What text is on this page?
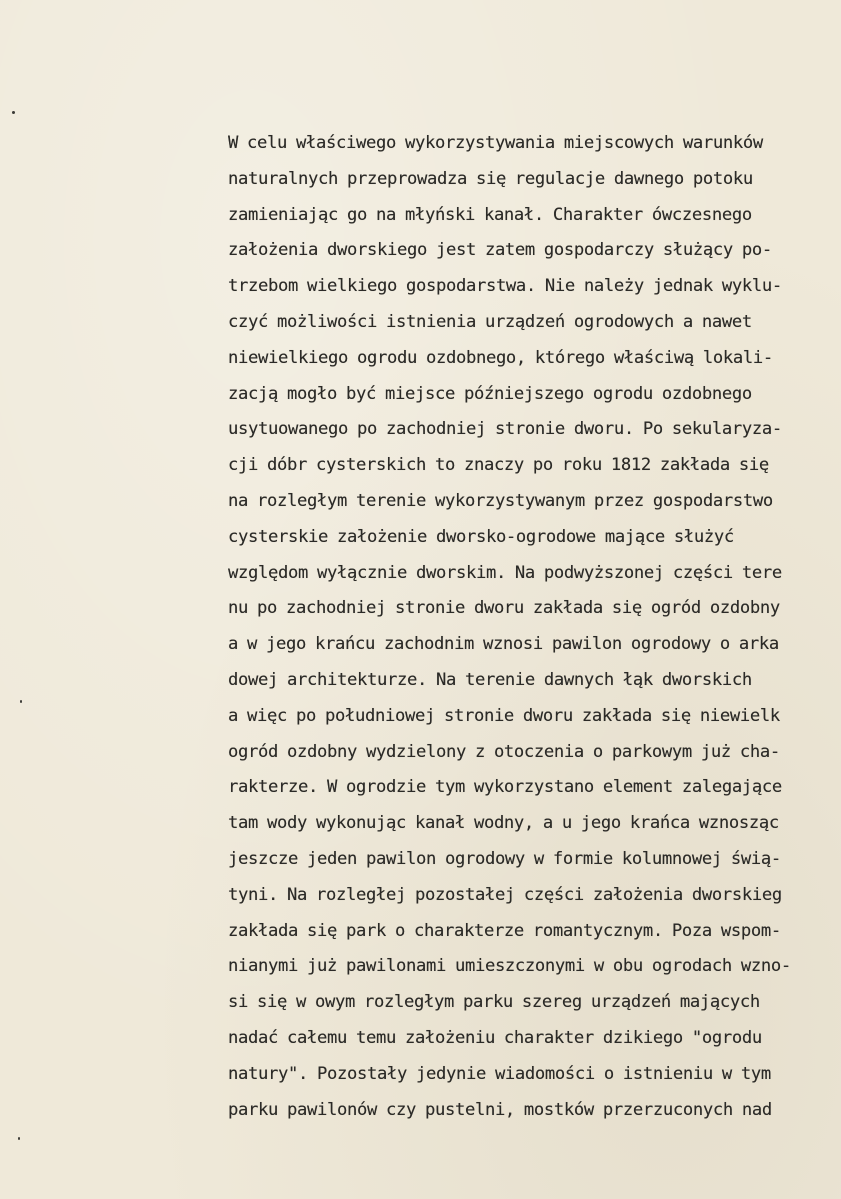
W celu właściwego wykorzystywania miejscowych warunków
naturalnych przeprowadza się regulacje dawnego potoku
zamieniając go na młyński kanał. Charakter ówczesnego
założenia dworskiego jest zatem gospodarczy służący po-
trzebom wielkiego gospodarstwa. Nie należy jednak wyklu-
czyć możliwości istnienia urządzeń ogrodowych a nawet
niewielkiego ogrodu ozdobnego, którego właściwą lokali-
zacją mogło być miejsce późniejszego ogrodu ozdobnego
usytuowanego po zachodniej stronie dworu. Po sekularyza-
cji dóbr cysterskich to znaczy po roku 1812 zakłada się
na rozległym terenie wykorzystywanym przez gospodarstwo
cysterskie założenie dworsko-ogrodowe mające służyć
względom wyłącznie dworskim. Na podwyższonej części tere
nu po zachodniej stronie dworu zakłada się ogród ozdobny
a w jego krańcu zachodnim wznosi pawilon ogrodowy o arka
dowej architekturze. Na terenie dawnych łąk dworskich
a więc po południowej stronie dworu zakłada się niewielk
ogród ozdobny wydzielony z otoczenia o parkowym już cha-
rakterze. W ogrodzie tym wykorzystano element zalegające
tam wody wykonując kanał wodny, a u jego krańca wznosząc
jeszcze jeden pawilon ogrodowy w formie kolumnowej świą-
tyni. Na rozległej pozostałej części założenia dworskieg
zakłada się park o charakterze romantycznym. Poza wspom-
nianymi już pawilonami umieszczonymi w obu ogrodach wzno-
si się w owym rozległym parku szereg urządzeń mających
nadać całemu temu założeniu charakter dzikiego "ogrodu
natury". Pozostały jedynie wiadomości o istnieniu w tym
parku pawilonów czy pustelni, mostków przerzuconych nad
